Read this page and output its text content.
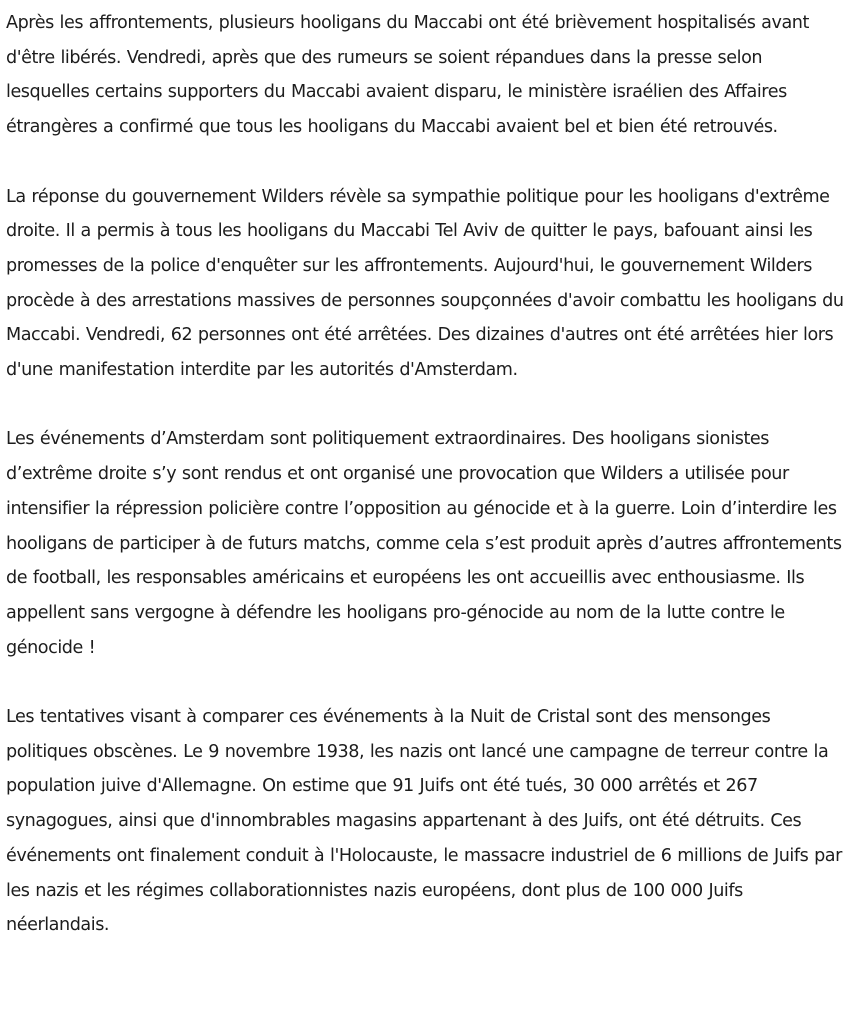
Après les affrontements, plusieurs hooligans du Maccabi ont été brièvement hospitalisés avant d'être libérés. Vendredi, après que des rumeurs se soient répandues dans la presse selon lesquelles certains supporters du Maccabi avaient disparu, le ministère israélien des Affaires étrangères a confirmé que tous les hooligans du Maccabi avaient bel et bien été retrouvés.

La réponse du gouvernement Wilders révèle sa sympathie politique pour les hooligans d'extrême droite. Il a permis à tous les hooligans du Maccabi Tel Aviv de quitter le pays, bafouant ainsi les promesses de la police d'enquêter sur les affrontements. Aujourd'hui, le gouvernement Wilders procède à des arrestations massives de personnes soupçonnées d'avoir combattu les hooligans du Maccabi. Vendredi, 62 personnes ont été arrêtées. Des dizaines d'autres ont été arrêtées hier lors d'une manifestation interdite par les autorités d'Amsterdam.

Les événements d’Amsterdam sont politiquement extraordinaires. Des hooligans sionistes d’extrême droite s’y sont rendus et ont organisé une provocation que Wilders a utilisée pour intensifier la répression policière contre l’opposition au génocide et à la guerre. Loin d’interdire les hooligans de participer à de futurs matchs, comme cela s’est produit après d’autres affrontements de football, les responsables américains et européens les ont accueillis avec enthousiasme. Ils appellent sans vergogne à défendre les hooligans pro-génocide au nom de la lutte contre le génocide !

Les tentatives visant à comparer ces événements à la Nuit de Cristal sont des mensonges politiques obscènes. Le 9 novembre 1938, les nazis ont lancé une campagne de terreur contre la population juive d'Allemagne. On estime que 91 Juifs ont été tués, 30 000 arrêtés et 267 synagogues, ainsi que d'innombrables magasins appartenant à des Juifs, ont été détruits. Ces événements ont finalement conduit à l'Holocauste, le massacre industriel de 6 millions de Juifs par les nazis et les régimes collaborationnistes nazis européens, dont plus de 100 000 Juifs néerlandais.
